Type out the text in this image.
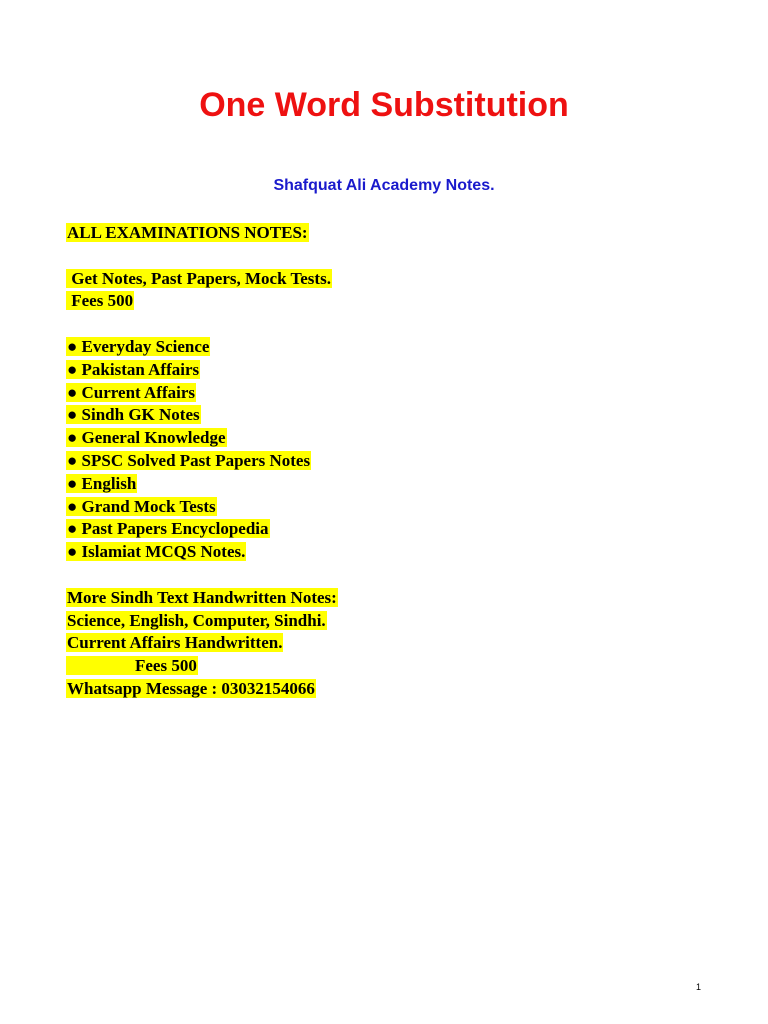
One Word Substitution
Shafquat Ali Academy Notes.
ALL EXAMINATIONS NOTES:
Get Notes, Past Papers, Mock Tests.
Fees 500
● Everyday Science
● Pakistan Affairs
● Current Affairs
● Sindh GK Notes
● General Knowledge
● SPSC Solved Past Papers Notes
● English
● Grand Mock Tests
● Past Papers Encyclopedia
● Islamiat MCQS Notes.
More Sindh Text Handwritten Notes:
Science, English, Computer, Sindhi.
Current Affairs Handwritten.
Fees 500
Whatsapp Message : 03032154066
1
